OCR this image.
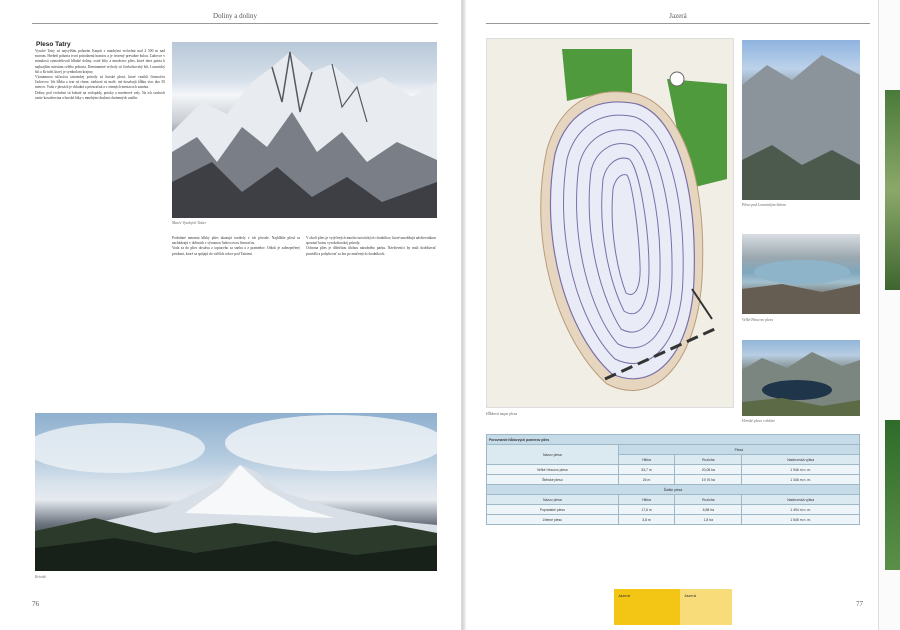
Doliny a doliny
Pleso Tatry

Vysoké Tatry sú najvyšším pohorím Karpát s mnohými vrcholmi nad 2 500 m nad morom. Hrebeň pohoria tvorí prirodzenú hranicu a je tvorený prevažne žulou. Ľadovce v minulosti vymodelovali hlboké doliny, ostré štíty a množstvo plies, ktoré dnes patria k najkrajším miestam celého pohoria. Dominantné vrcholy sú Gerlachovský štít, Lomnický štít a Kriváň, ktorý je symbolom krajiny.

Významnou súčasťou tatranskej prírody sú horské plesá, ktoré vznikli činnosťou ľadovcov. Ich hĺbka a tvar sú rôzne, niektoré sú malé, iné dosahujú hĺbku viac ako 50 metrov. Voda v plesách je chladná a priezračná a v zimných mesiacoch zamŕza.

Doliny pod vrcholmi sú bohaté na vodopády, potoky a morénové valy. Na ich svahoch rastie kosodrevina a horské lúky s mnohými druhmi chránených rastlín.

Masív Vysokých Tatier

Podrobné merania hĺbky plies ukazujú rozdiely v ich pôvode. Najhlbšie plesá sa nachádzajú v dolinách s výraznou ľadovcovou činnosťou.

Voda sa do plies dostáva z topiaceho sa snehu a z prameňov. Odtok je zabezpečený potokmi, ktoré sa spájajú do väčších tokov pod Tatrami.

V okolí plies je vytýčených mnoho turistických chodníkov, ktoré umožňujú návštevníkom spoznať krásu vysokohorskej prírody.

Ochrana plies je dôležitou úlohou národného parku. Návštevníci by mali dodržiavať pravidlá a pohybovať sa len po značených chodníkoch.

Kriváň
76
Jazerá
Hĺbková mapa plesa
Pleso pod Lomnickým štítom
Veľké Hincovo pleso
Horské pleso v doline
Porovnanie hĺbkových pomerov plies			
Názov plesa	Plesá		
	Hĺbka	Rozloha	Nadmorská výška
Veľké Hincovo pleso	53,7 m	20,08 ha	1 946 m n. m.
Štrbské pleso	26 m	19,76 ha	1 346 m n. m.
Ďalšie plesá			
Názov plesa	Hĺbka	Rozloha	Nadmorská výška
Popradské pleso	17,6 m	6,88 ha	1 494 m n. m.
Zelené pleso	3,8 m	1,8 ha	1 545 m n. m.
Jazerá	Jazerá
77
